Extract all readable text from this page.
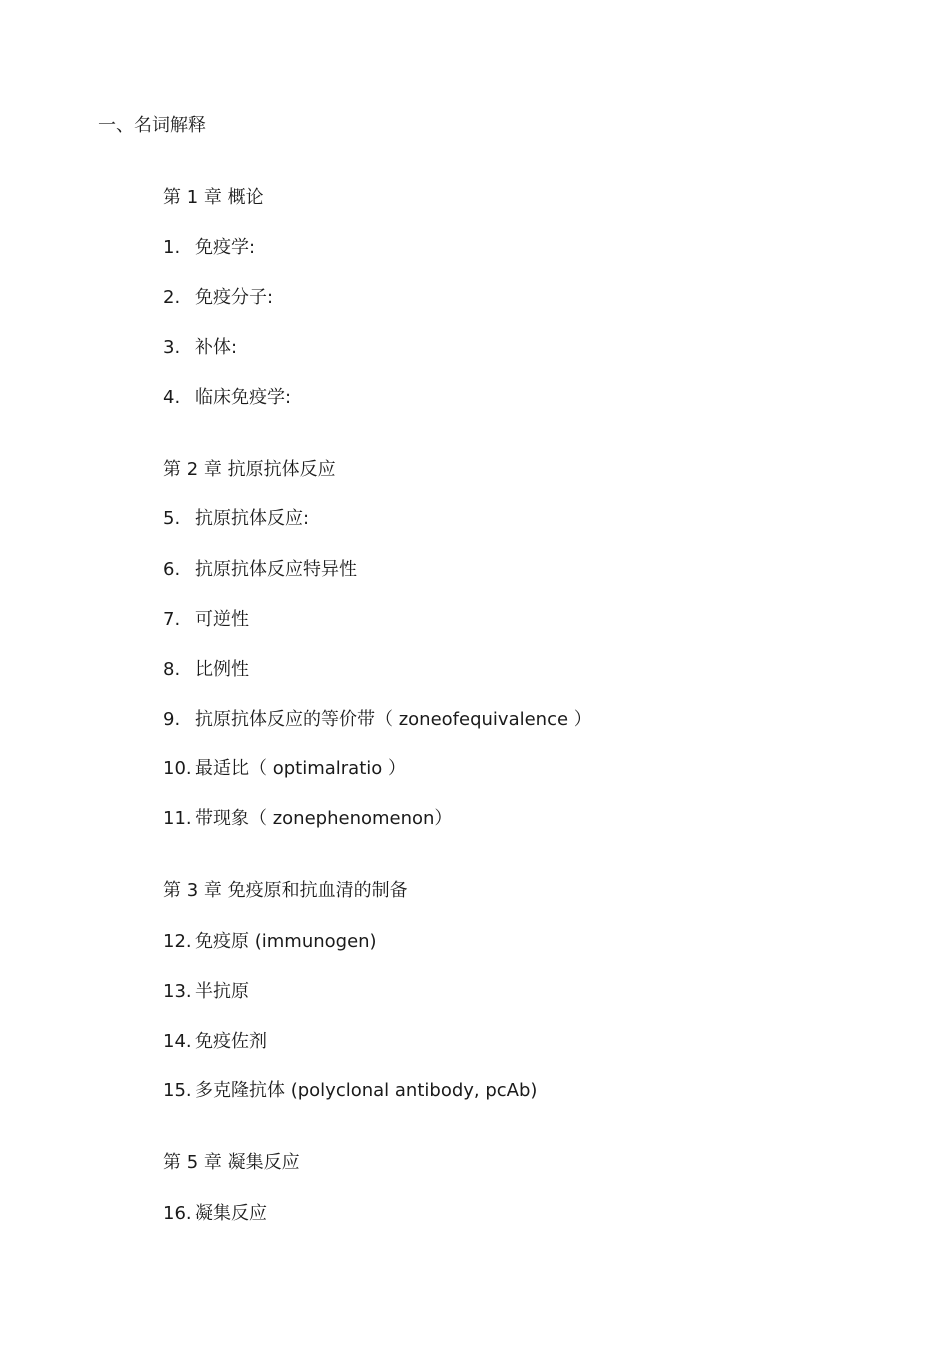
一、名词解释
第 1 章 概论
1. 免疫学:
2. 免疫分子:
3. 补体:
4. 临床免疫学:
第 2 章 抗原抗体反应
5. 抗原抗体反应:
6. 抗原抗体反应特异性
7. 可逆性
8. 比例性
9. 抗原抗体反应的等价带（ zoneofequivalence ）
10. 最适比（ optimalratio ）
11. 带现象（ zonephenomenon）
第 3 章 免疫原和抗血清的制备
12. 免疫原 (immunogen)
13. 半抗原
14. 免疫佐剂
15. 多克隆抗体 (polyclonal antibody, pcAb)
第 5 章 凝集反应
16. 凝集反应
